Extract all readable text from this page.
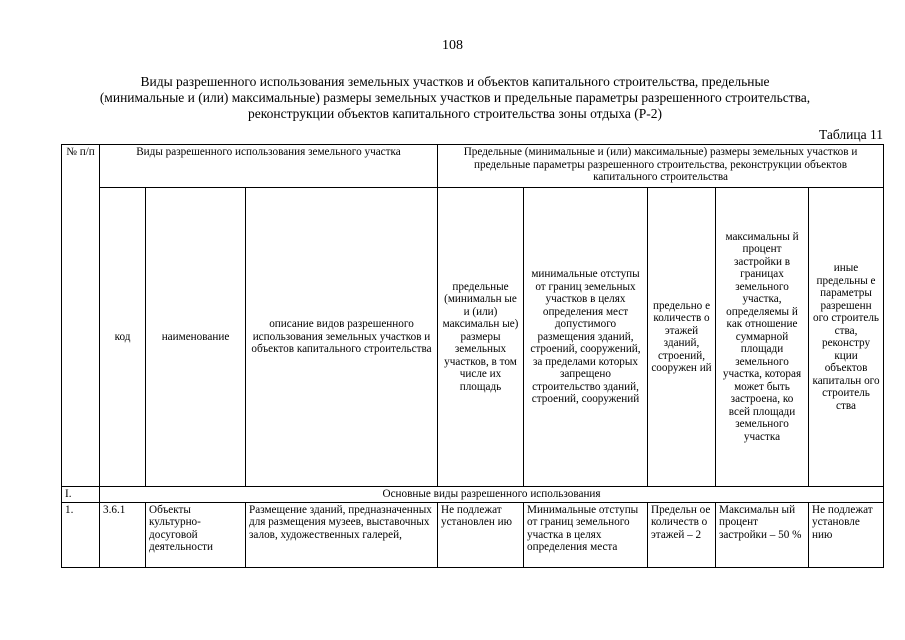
108
Виды разрешенного использования земельных участков и объектов капитального строительства, предельные
(минимальные и (или) максимальные) размеры земельных участков и предельные параметры разрешенного строительства,
реконструкции объектов капитального строительства зоны отдыха (Р-2)
Таблица 11
№ п/п	Виды разрешенного использования земельного участка			Предельные (минимальные и (или) максимальные) размеры земельных участков и предельные параметры разрешенного строительства, реконструкции объектов капитального строительства				
	код	наименование	описание видов разрешенного использования земельных участков и объектов капитального строительства	предельные (минимальн ые и (или) максимальн ые) размеры земельных участков, в том числе их площадь	минимальные отступы от границ земельных участков в целях определения мест допустимого размещения зданий, строений, сооружений, за пределами которых запрещено строительство зданий, строений, сооружений	предельно е количеств о этажей зданий, строений, сооружен ий	максимальны й процент застройки в границах земельного участка, определяемы й как отношение суммарной площади земельного участка, которая может быть застроена, ко всей площади земельного участка	иные предельны е параметры разрешенн ого строитель ства, реконстру кции объектов капитальн ого строитель ства
I.	Основные виды разрешенного использования							
1.	3.6.1	Объекты культурно-досуговой деятельности	Размещение зданий, предназначенных для размещения музеев, выставочных залов, художественных галерей,	Не подлежат установлен ию	Минимальные отступы от границ земельного участка в целях определения места	Предельн ое количеств о этажей – 2	Максимальн ый процент застройки – 50 %	Не подлежат установле нию
